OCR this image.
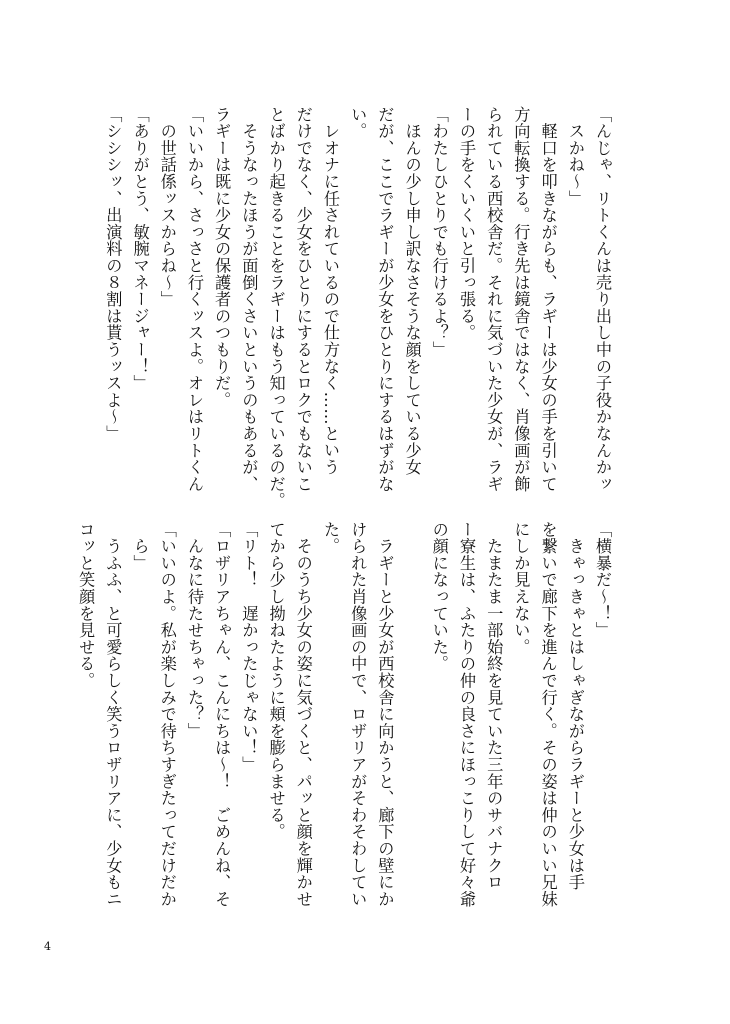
「んじゃ、リトくんは売り出し中の子役かなんかッ
　スかね～」
　軽口を叩きながらも、ラギーは少女の手を引いて
方向転換する。行き先は鏡舎ではなく、肖像画が飾
られている西校舎だ。それに気づいた少女が、ラギ
ーの手をくいくいと引っ張る。
「わたしひとりでも行けるよ？」
　ほんの少し申し訳なさそうな顔をしている少女
だが、ここでラギーが少女をひとりにするはずがな
い。
　レオナに任されているので仕方なく……という
だけでなく、少女をひとりにするとロクでもないこ
とばかり起きることをラギーはもう知っているのだ。
　そうなったほうが面倒くさいというのもあるが、
ラギーは既に少女の保護者のつもりだ。
「いいから、さっさと行くッスよ。オレはリトくん
　の世話係ッスからね～」
「ありがとう、敏腕マネージャー！」
「シシシッ、出演料の８割は貰うッスよ～」
「横暴だ～！」
　きゃっきゃとはしゃぎながらラギーと少女は手
を繋いで廊下を進んで行く。その姿は仲のいい兄妹
にしか見えない。
　たまたま一部始終を見ていた三年のサバナクロ
ー寮生は、ふたりの仲の良さにほっこりして好々爺
の顔になっていた。

　ラギーと少女が西校舎に向かうと、廊下の壁にか
けられた肖像画の中で、ロザリアがそわそわしてい
た。
　そのうち少女の姿に気づくと、パッと顔を輝かせ
てから少し拗ねたように頬を膨らませる。
「リト！　遅かったじゃない！」
「ロザリアちゃん、こんにちは～！　ごめんね、そ
　んなに待たせちゃった？」
「いいのよ。私が楽しみで待ちすぎたってだけだか
　ら」
　うふふ、と可愛らしく笑うロザリアに、少女もニ
コッと笑顔を見せる。
4
